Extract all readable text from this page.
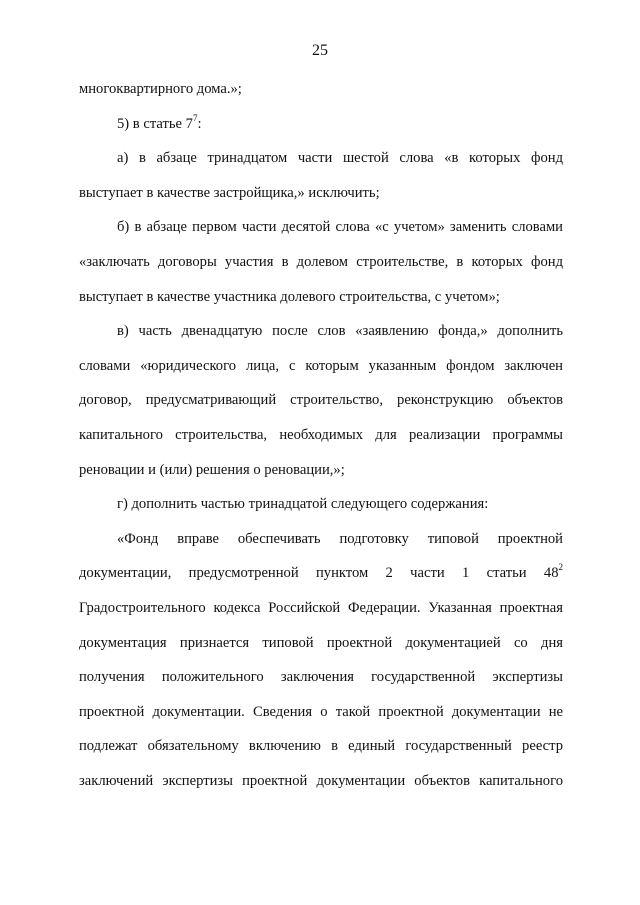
25

многоквартирного дома.»;

5) в статье $7^7$:

а) в абзаце тринадцатом части шестой слова «в которых фонд выступает в качестве застройщика,» исключить;

б) в абзаце первом части десятой слова «с учетом» заменить словами «заключать договоры участия в долевом строительстве, в которых фонд выступает в качестве участника долевого строительства, с учетом»;

в) часть двенадцатую после слов «заявлению фонда,» дополнить словами «юридического лица, с которым указанным фондом заключен договор, предусматривающий строительство, реконструкцию объектов капитального строительства, необходимых для реализации программы реновации и (или) решения о реновации,»;

г) дополнить частью тринадцатой следующего содержания:

«Фонд вправе обеспечивать подготовку типовой проектной документации, предусмотренной пунктом 2 части 1 статьи $48^2$ Градостроительного кодекса Российской Федерации. Указанная проектная документация признается типовой проектной документацией со дня получения положительного заключения государственной экспертизы проектной документации. Сведения о такой проектной документации не подлежат обязательному включению в единый государственный реестр заключений экспертизы проектной документации объектов капитального
